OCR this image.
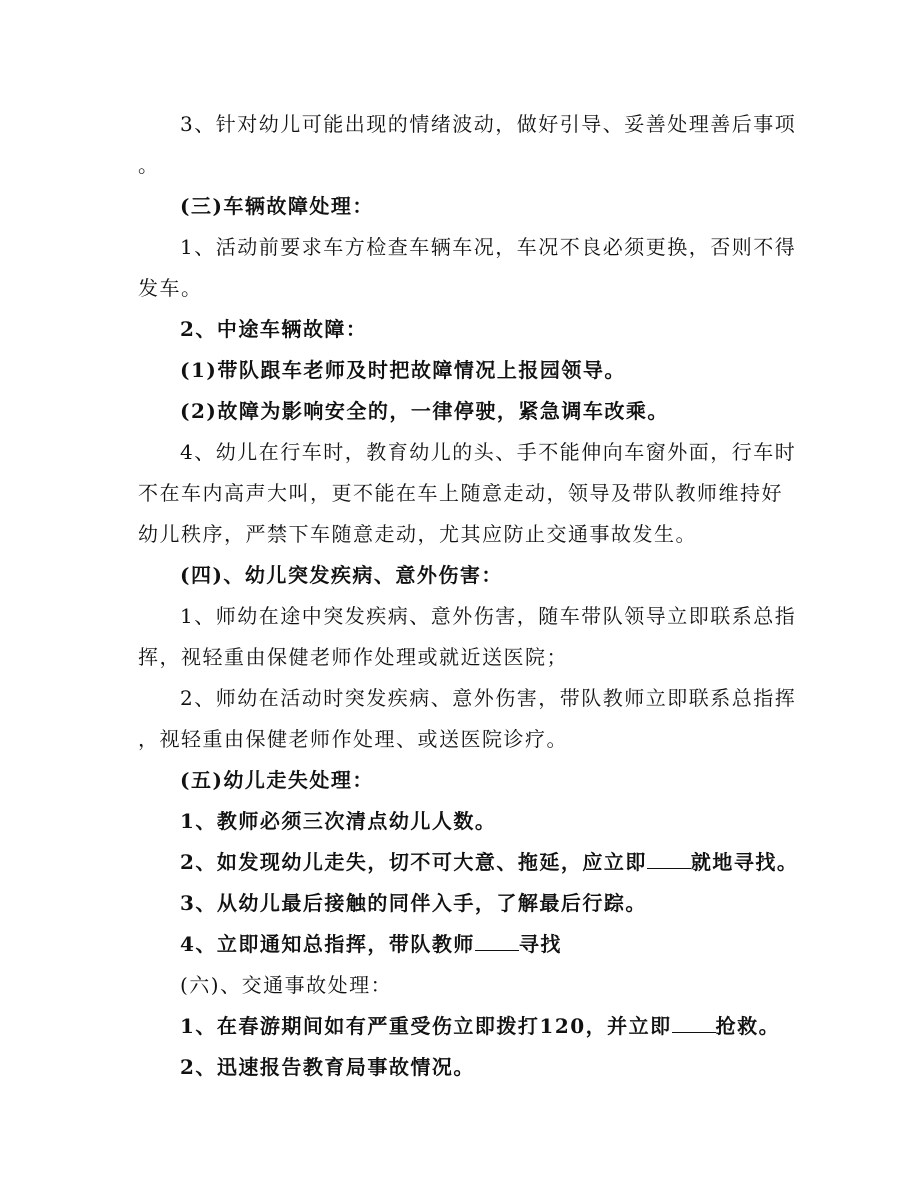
3、针对幼儿可能出现的情绪波动，做好引导、妥善处理善后事项
。
(三)车辆故障处理：
1、活动前要求车方检查车辆车况，车况不良必须更换，否则不得
发车。
2、中途车辆故障：
(1)带队跟车老师及时把故障情况上报园领导。
(2)故障为影响安全的，一律停驶，紧急调车改乘。
4、幼儿在行车时，教育幼儿的头、手不能伸向车窗外面，行车时
不在车内高声大叫，更不能在车上随意走动，领导及带队教师维持好
幼儿秩序，严禁下车随意走动，尤其应防止交通事故发生。
(四)、幼儿突发疾病、意外伤害：
1、师幼在途中突发疾病、意外伤害，随车带队领导立即联系总指
挥，视轻重由保健老师作处理或就近送医院；
2、师幼在活动时突发疾病、意外伤害，带队教师立即联系总指挥
，视轻重由保健老师作处理、或送医院诊疗。
(五)幼儿走失处理：
1、教师必须三次清点幼儿人数。
2、如发现幼儿走失，切不可大意、拖延，应立即 就地寻找。
3、从幼儿最后接触的同伴入手，了解最后行踪。
4、立即通知总指挥，带队教师 寻找
(六)、交通事故处理：
1、在春游期间如有严重受伤立即拨打120，并立即 抢救。
2、迅速报告教育局事故情况。
